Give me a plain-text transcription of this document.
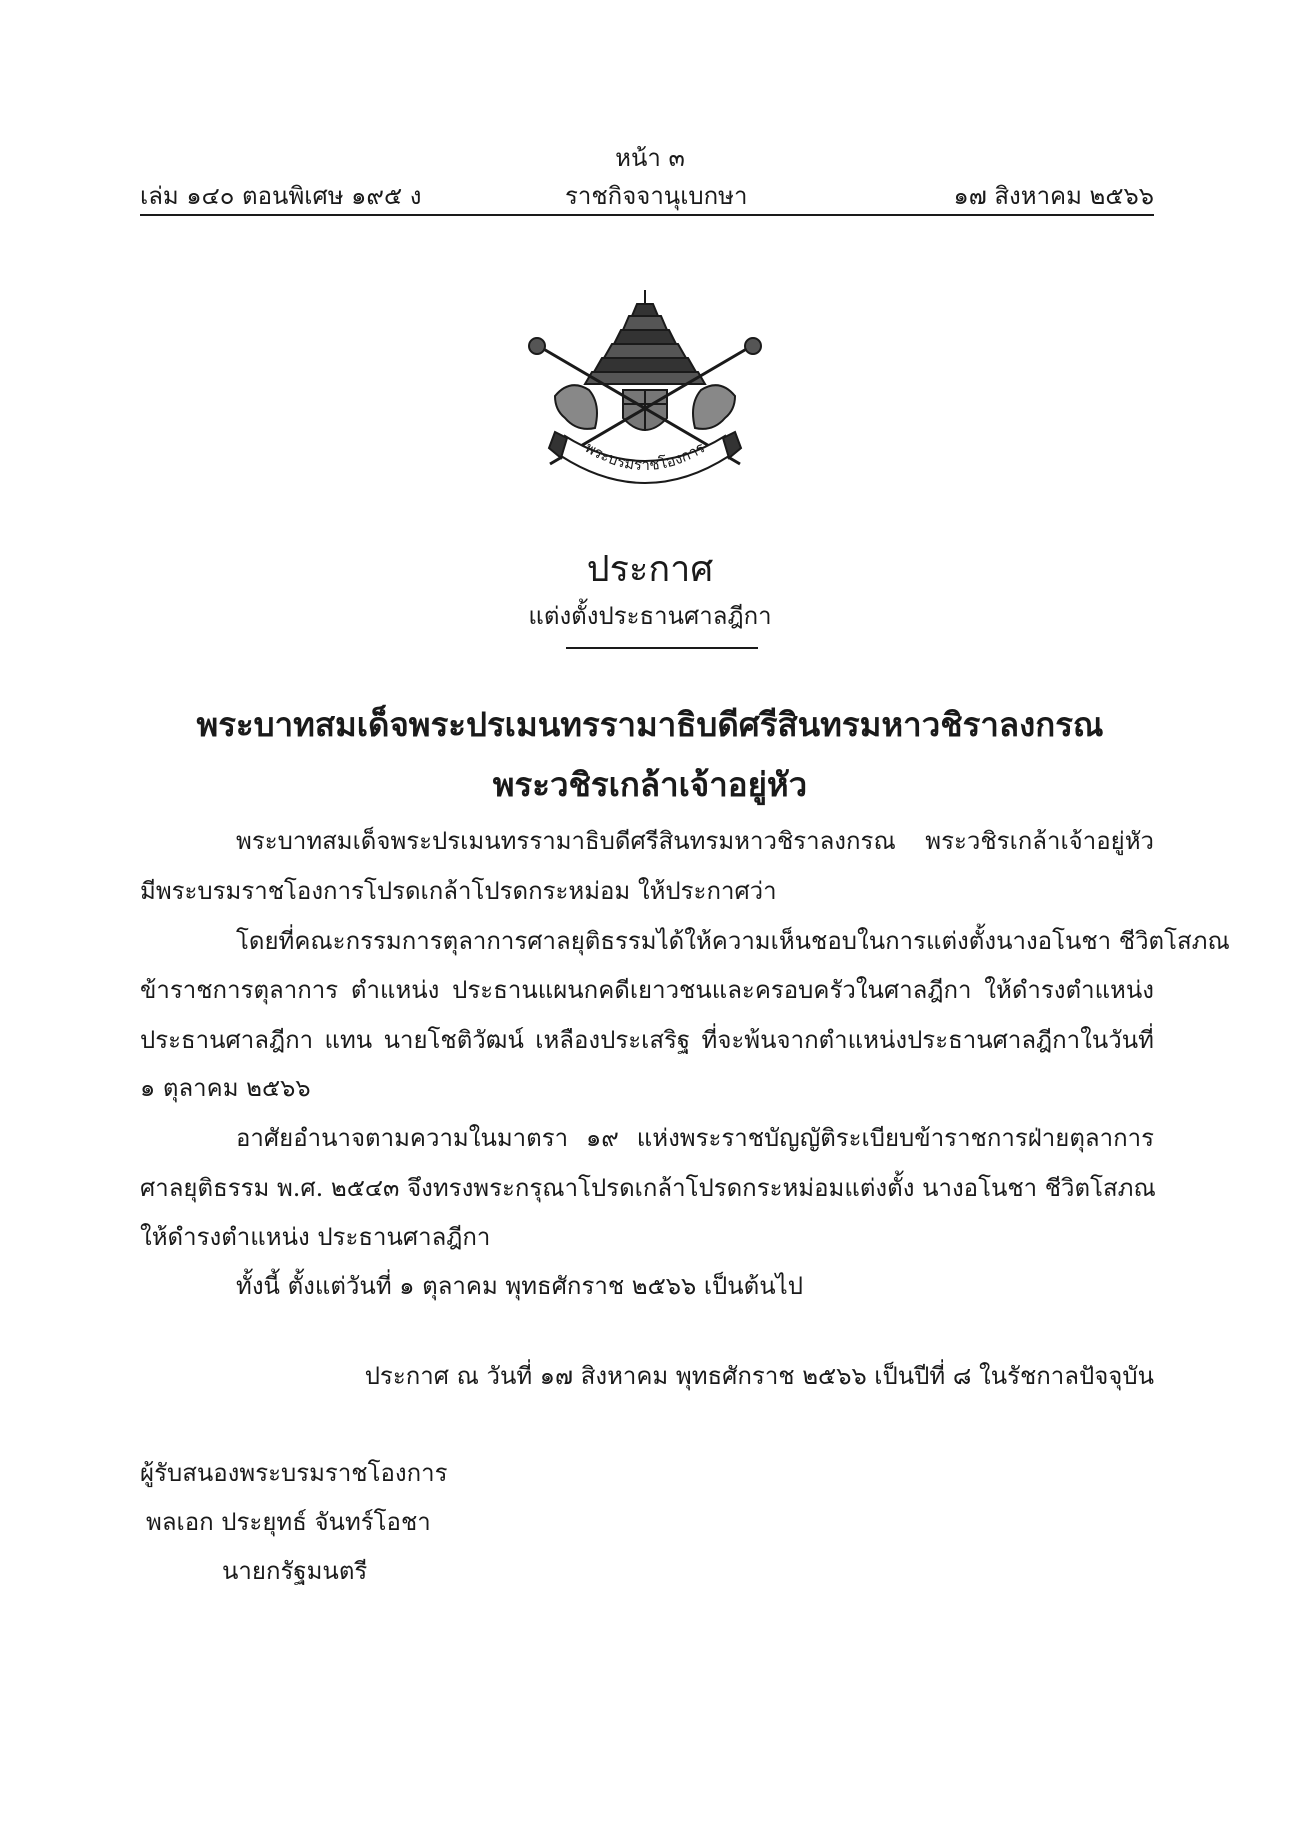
หน้า ๓
เล่ม ๑๔๐ ตอนพิเศษ ๑๙๕ ง	ราชกิจจานุเบกษา	๑๗ สิงหาคม ๒๕๖๖
พระบรมราชโองการ
ประกาศ
แต่งตั้งประธานศาลฎีกา
พระบาทสมเด็จพระปรเมนทรรามาธิบดีศรีสินทรมหาวชิราลงกรณ
พระวชิรเกล้าเจ้าอยู่หัว
พระบาทสมเด็จพระปรเมนทรรามาธิบดีศรีสินทรมหาวชิราลงกรณ พระวชิรเกล้าเจ้าอยู่หัว
มีพระบรมราชโองการโปรดเกล้าโปรดกระหม่อม ให้ประกาศว่า
โดยที่คณะกรรมการตุลาการศาลยุติธรรมได้ให้ความเห็นชอบในการแต่งตั้งนางอโนชา ชีวิตโสภณ
ข้าราชการตุลาการ ตำแหน่ง ประธานแผนกคดีเยาวชนและครอบครัวในศาลฎีกา ให้ดำรงตำแหน่ง
ประธานศาลฎีกา แทน นายโชติวัฒน์ เหลืองประเสริฐ ที่จะพ้นจากตำแหน่งประธานศาลฎีกาในวันที่
๑ ตุลาคม ๒๕๖๖
อาศัยอำนาจตามความในมาตรา ๑๙ แห่งพระราชบัญญัติระเบียบข้าราชการฝ่ายตุลาการ
ศาลยุติธรรม พ.ศ. ๒๕๔๓ จึงทรงพระกรุณาโปรดเกล้าโปรดกระหม่อมแต่งตั้ง นางอโนชา ชีวิตโสภณ
ให้ดำรงตำแหน่ง ประธานศาลฎีกา
ทั้งนี้ ตั้งแต่วันที่ ๑ ตุลาคม พุทธศักราช ๒๕๖๖ เป็นต้นไป
ประกาศ ณ วันที่ ๑๗ สิงหาคม พุทธศักราช ๒๕๖๖ เป็นปีที่ ๘ ในรัชกาลปัจจุบัน
ผู้รับสนองพระบรมราชโองการ
พลเอก ประยุทธ์ จันทร์โอชา
นายกรัฐมนตรี
